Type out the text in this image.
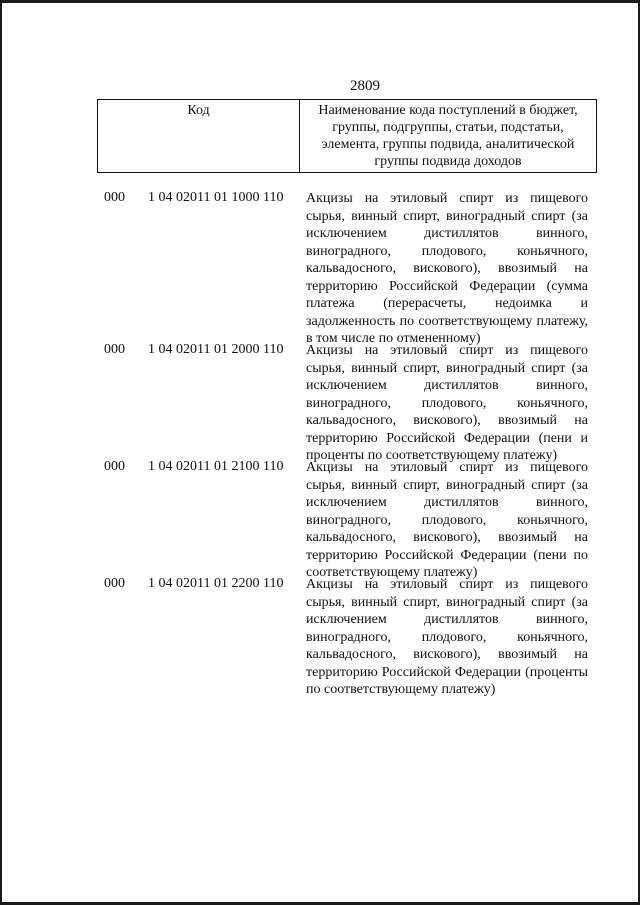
2809
Код	Наименование кода поступлений в бюджет, группы, подгруппы, статьи, подстатьи, элемента, группы подвида, аналитической группы подвида доходов
000 1 04 02011 01 1000 110 Акцизы на этиловый спирт из пищевого сырья, винный спирт, виноградный спирт (за исключением дистиллятов винного, виноградного, плодового, коньячного, кальвадосного, вискового), ввозимый на территорию Российской Федерации (сумма платежа (перерасчеты, недоимка и задолженность по соответствующему платежу, в том числе по отмененному)
000 1 04 02011 01 2000 110 Акцизы на этиловый спирт из пищевого сырья, винный спирт, виноградный спирт (за исключением дистиллятов винного, виноградного, плодового, коньячного, кальвадосного, вискового), ввозимый на территорию Российской Федерации (пени и проценты по соответствующему платежу)
000 1 04 02011 01 2100 110 Акцизы на этиловый спирт из пищевого сырья, винный спирт, виноградный спирт (за исключением дистиллятов винного, виноградного, плодового, коньячного, кальвадосного, вискового), ввозимый на территорию Российской Федерации (пени по соответствующему платежу)
000 1 04 02011 01 2200 110 Акцизы на этиловый спирт из пищевого сырья, винный спирт, виноградный спирт (за исключением дистиллятов винного, виноградного, плодового, коньячного, кальвадосного, вискового), ввозимый на территорию Российской Федерации (проценты по соответствующему платежу)
